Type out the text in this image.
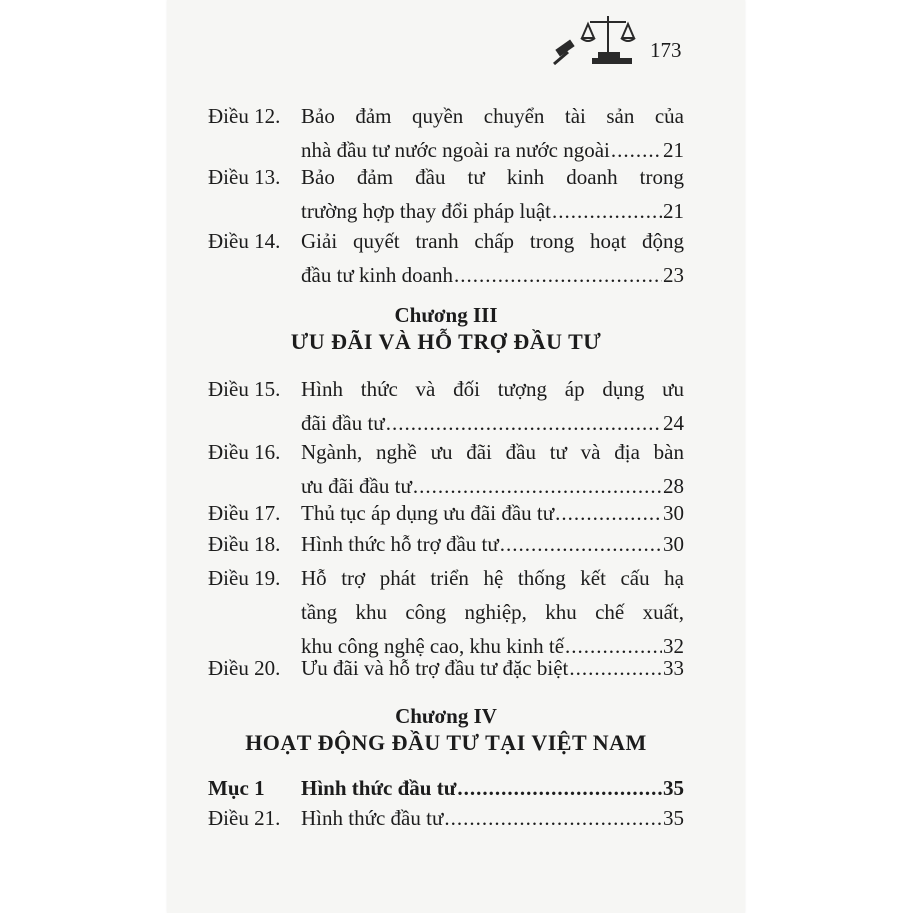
173
Điều 12. Bảo đảm quyền chuyển tài sản của
nhà đầu tư nước ngoài ra nước ngoài .....	21
Điều 13. Bảo đảm đầu tư kinh doanh trong
trường hợp thay đổi pháp luật .....	21
Điều 14. Giải quyết tranh chấp trong hoạt động
đầu tư kinh doanh .....	23
Chương III
ƯU ĐÃI VÀ HỖ TRỢ ĐẦU TƯ
Điều 15. Hình thức và đối tượng áp dụng ưu
đãi đầu tư .....	24
Điều 16. Ngành, nghề ưu đãi đầu tư và địa bàn
ưu đãi đầu tư .....	28
Điều 17. Thủ tục áp dụng ưu đãi đầu tư .....	30
Điều 18. Hình thức hỗ trợ đầu tư .....	30
Điều 19. Hỗ trợ phát triển hệ thống kết cấu hạ
tầng khu công nghiệp, khu chế xuất,
khu công nghệ cao, khu kinh tế .....	32
Điều 20. Ưu đãi và hỗ trợ đầu tư đặc biệt .....	33
Chương IV
HOẠT ĐỘNG ĐẦU TƯ TẠI VIỆT NAM
Mục 1 Hình thức đầu tư .....	35
Điều 21. Hình thức đầu tư .....	35
